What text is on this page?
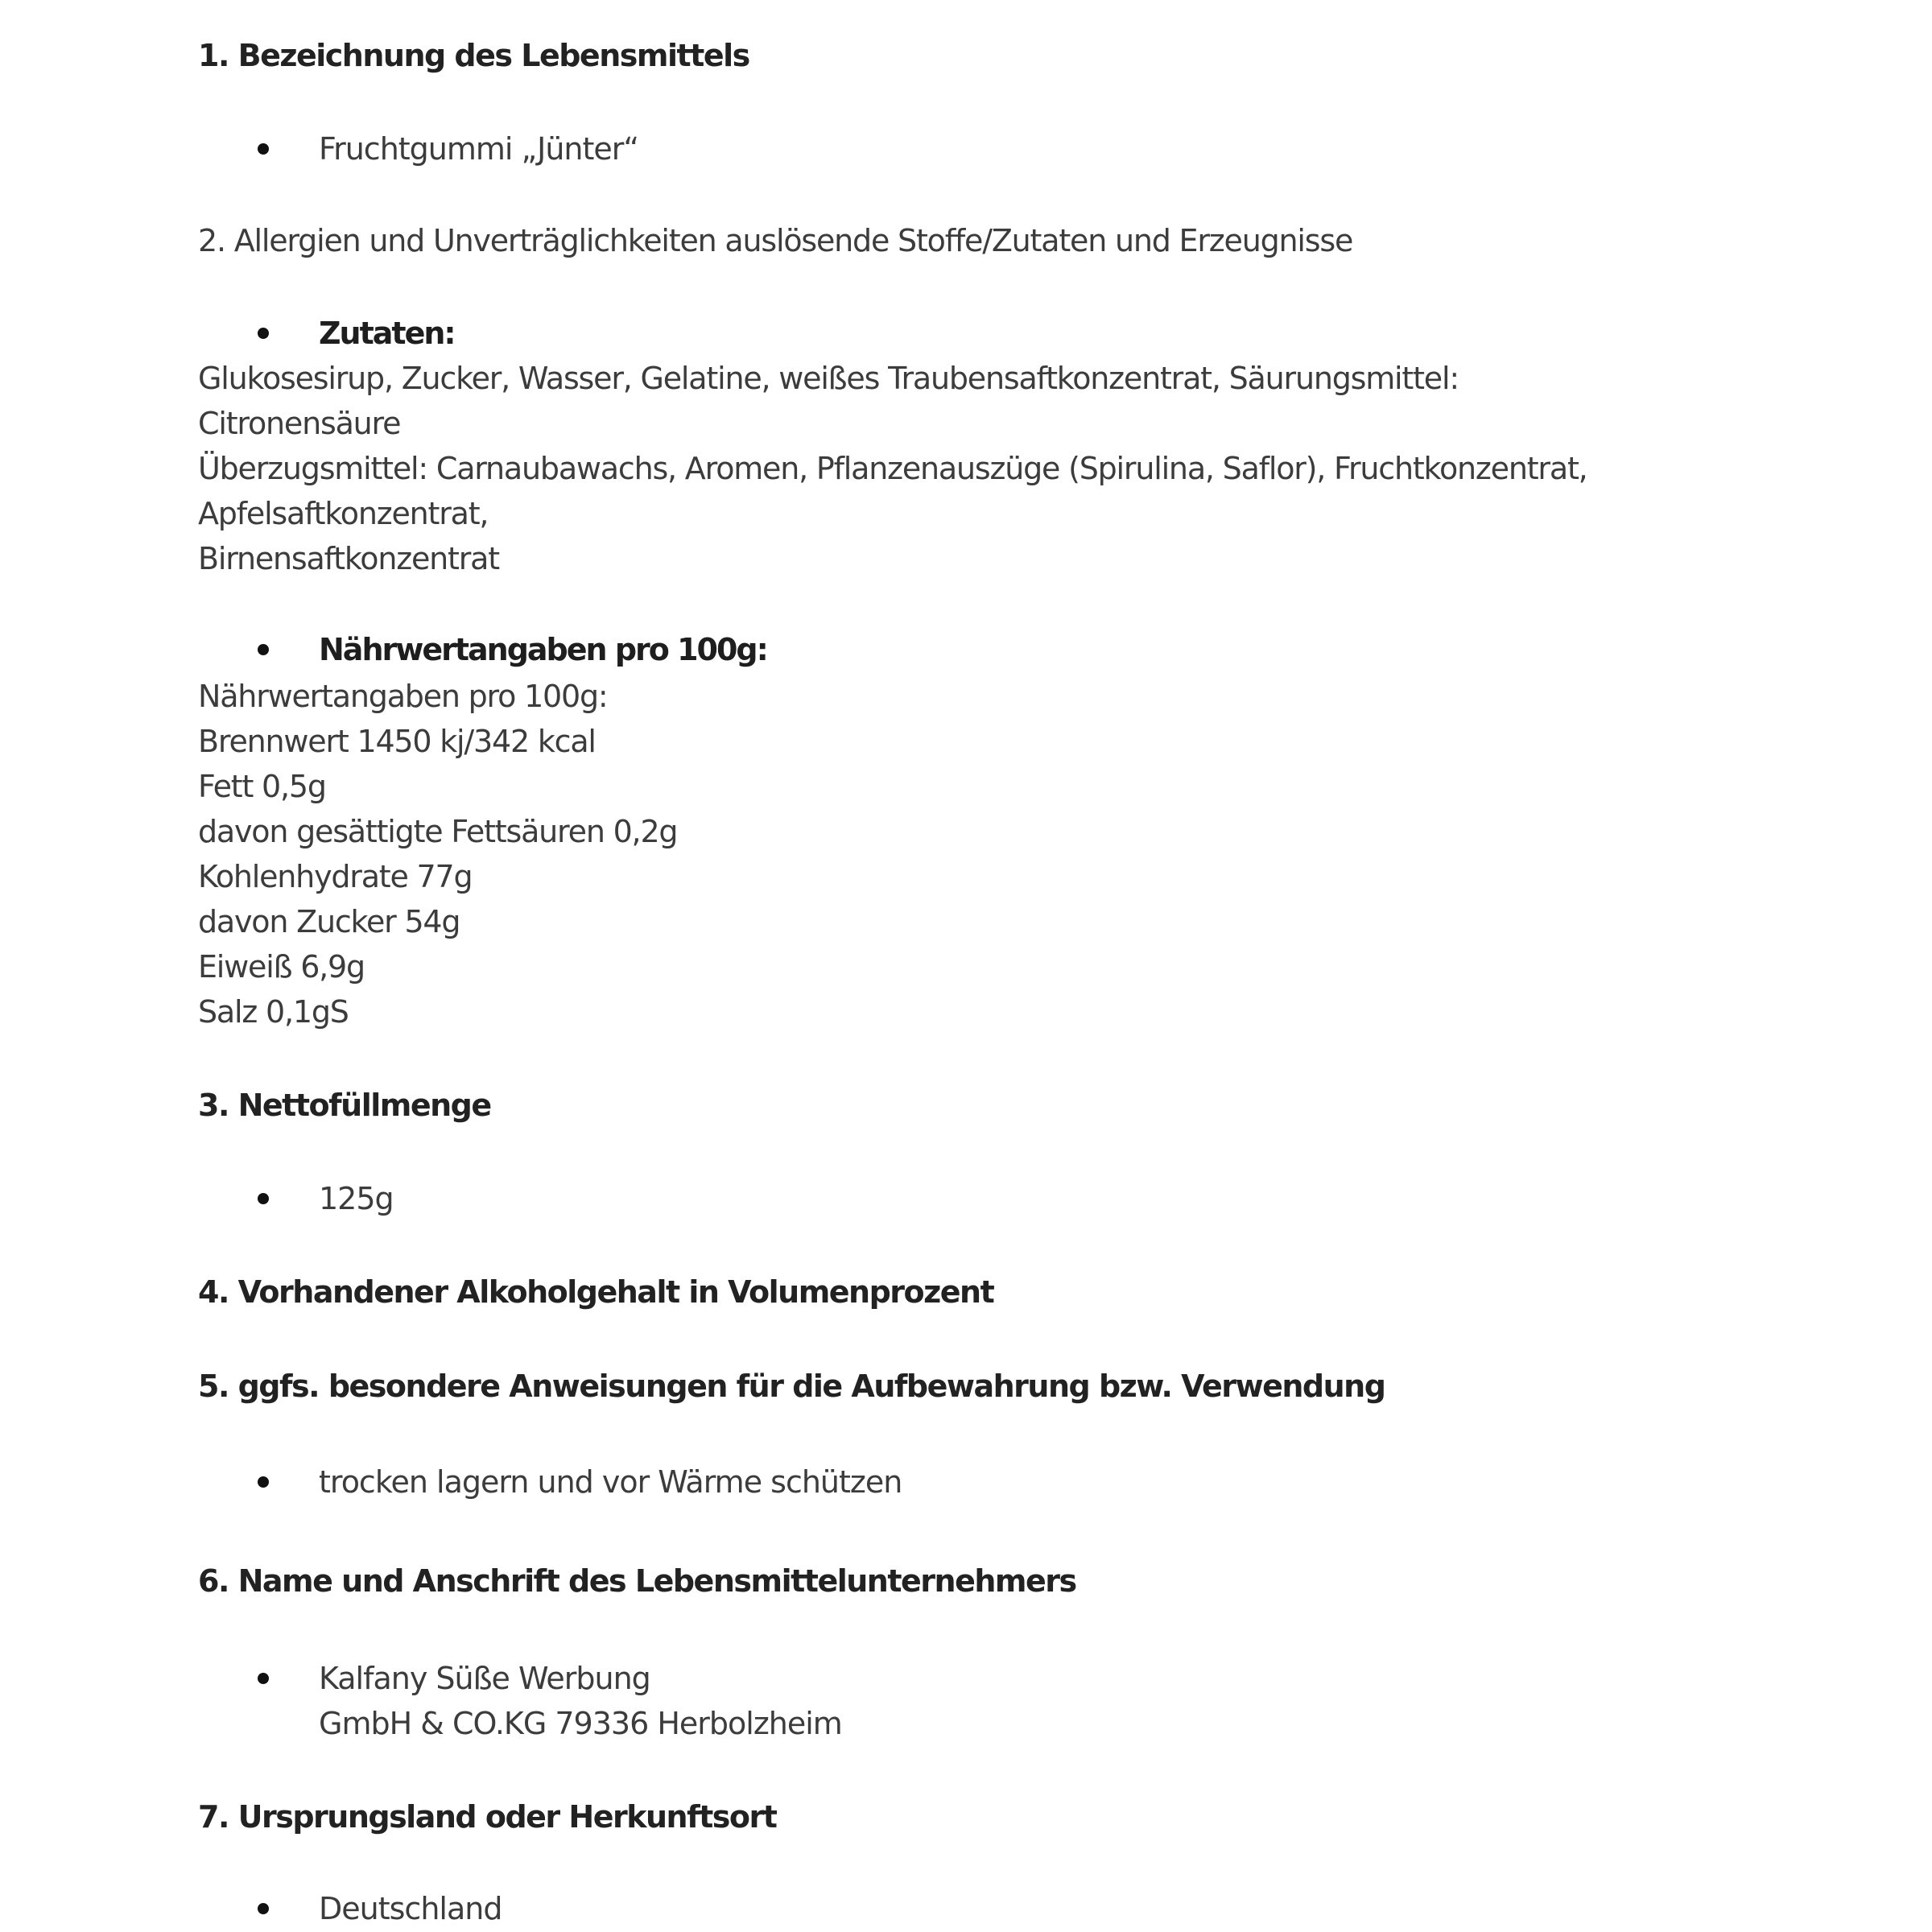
1. Bezeichnung des Lebensmittels
Fruchtgummi „Jünter“
2. Allergien und Unverträglichkeiten auslösende Stoffe/Zutaten und Erzeugnisse
Zutaten:
Glukosesirup, Zucker, Wasser, Gelatine, weißes Traubensaftkonzentrat, Säurungsmittel:
Citronensäure
Überzugsmittel: Carnaubawachs, Aromen, Pflanzenauszüge (Spirulina, Saflor), Fruchtkonzentrat,
Apfelsaftkonzentrat,
Birnensaftkonzentrat
Nährwertangaben pro 100g:
Nährwertangaben pro 100g:
Brennwert 1450 kj/342 kcal
Fett 0,5g
davon gesättigte Fettsäuren 0,2g
Kohlenhydrate 77g
davon Zucker 54g
Eiweiß 6,9g
Salz 0,1gS
3. Nettofüllmenge
125g
4. Vorhandener Alkoholgehalt in Volumenprozent
5. ggfs. besondere Anweisungen für die Aufbewahrung bzw. Verwendung
trocken lagern und vor Wärme schützen
6. Name und Anschrift des Lebensmittelunternehmers
Kalfany Süße Werbung
GmbH & CO.KG 79336 Herbolzheim
7. Ursprungsland oder Herkunftsort
Deutschland
